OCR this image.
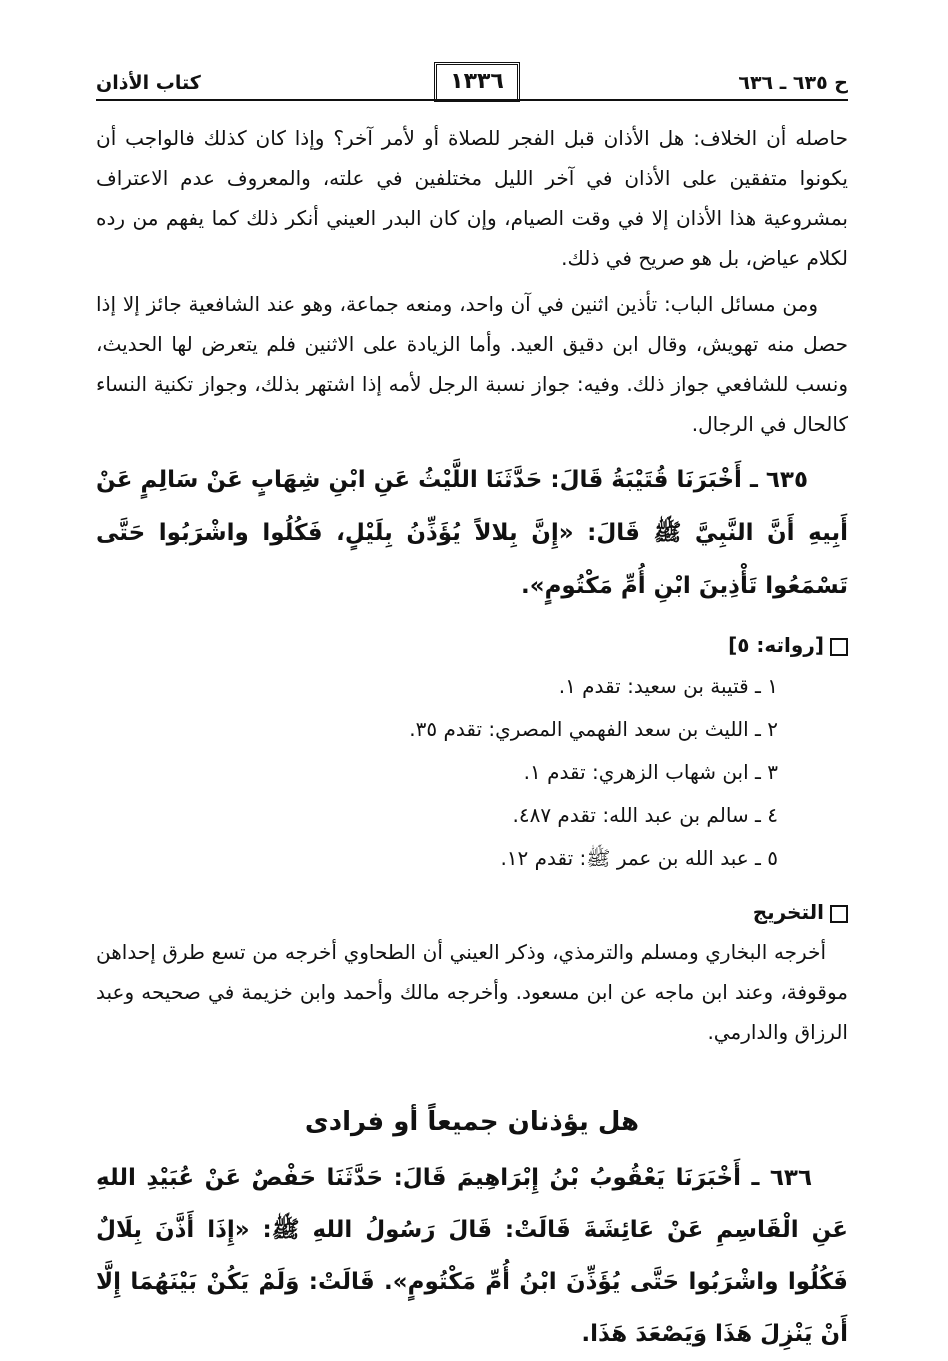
ح ٦٣٥ ـ ٦٣٦
١٣٣٦
كتاب الأذان

حاصله أن الخلاف: هل الأذان قبل الفجر للصلاة أو لأمر آخر؟ وإذا كان كذلك فالواجب أن يكونوا متفقين على الأذان في آخر الليل مختلفين في علته، والمعروف عدم الاعتراف بمشروعية هذا الأذان إلا في وقت الصيام، وإن كان البدر العيني أنكر ذلك كما يفهم من رده لكلام عياض، بل هو صريح في ذلك.

ومن مسائل الباب: تأذين اثنين في آن واحد، ومنعه جماعة، وهو عند الشافعية جائز إلا إذا حصل منه تهويش، وقال ابن دقيق العيد. وأما الزيادة على الاثنين فلم يتعرض لها الحديث، ونسب للشافعي جواز ذلك. وفيه: جواز نسبة الرجل لأمه إذا اشتهر بذلك، وجواز تكنية النساء كالحال في الرجال.

٦٣٥ ـ أَخْبَرَنَا قُتَيْبَةُ قَالَ: حَدَّثَنَا اللَّيْثُ عَنِ ابْنِ شِهَابٍ عَنْ سَالِمٍ عَنْ أَبِيهِ أَنَّ النَّبِيَّ ﷺ قَالَ: «إِنَّ بِلالاً يُؤَذِّنُ بِلَيْلٍ، فَكُلُوا واشْرَبُوا حَتَّى تَسْمَعُوا تَأْذِينَ ابْنِ أُمِّ مَكْتُومٍ».

[رواته: ٥]
١ ـ قتيبة بن سعيد: تقدم ١.
٢ ـ الليث بن سعد الفهمي المصري: تقدم ٣٥.
٣ ـ ابن شهاب الزهري: تقدم ١.
٤ ـ سالم بن عبد الله: تقدم ٤٨٧.
٥ ـ عبد الله بن عمر ﷺ: تقدم ١٢.
التخريج

أخرجه البخاري ومسلم والترمذي، وذكر العيني أن الطحاوي أخرجه من تسع طرق إحداهن موقوفة، وعند ابن ماجه عن ابن مسعود. وأخرجه مالك وأحمد وابن خزيمة في صحيحه وعبد الرزاق والدارمي.

هل يؤذنان جميعاً أو فرادى

٦٣٦ ـ أَخْبَرَنَا يَعْقُوبُ بْنُ إِبْرَاهِيمَ قَالَ: حَدَّثَنَا حَفْصٌ عَنْ عُبَيْدِ اللهِ عَنِ الْقَاسِمِ عَنْ عَائِشَةَ قَالَتْ: قَالَ رَسُولُ اللهِ ﷺ: «إِذَا أَذَّنَ بِلَالٌ فَكُلُوا واشْرَبُوا حَتَّى يُؤَذِّنَ ابْنُ أُمِّ مَكْتُومٍ». قَالَتْ: وَلَمْ يَكُنْ بَيْنَهُمَا إِلَّا أَنْ يَنْزِلَ هَذَا وَيَصْعَدَ هَذَا.
